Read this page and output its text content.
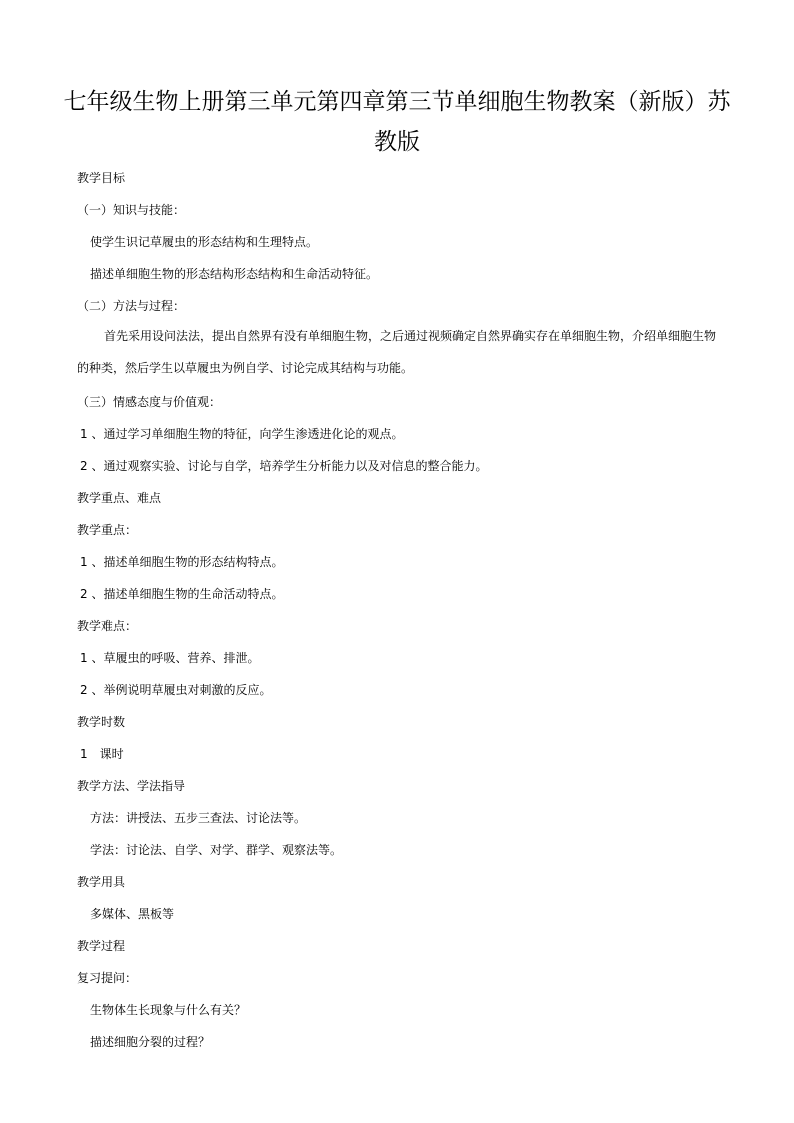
七年级生物上册第三单元第四章第三节单细胞生物教案（新版）苏教版
教学目标
（一）知识与技能：
使学生识记草履虫的形态结构和生理特点。
描述单细胞生物的形态结构形态结构和生命活动特征。
（二）方法与过程：
首先采用设问法法，提出自然界有没有单细胞生物，之后通过视频确定自然界确实存在单细胞生物，介绍单细胞生物的种类，然后学生以草履虫为例自学、讨论完成其结构与功能。
（三）情感态度与价值观：
1 、通过学习单细胞生物的特征，向学生渗透进化论的观点。
2 、通过观察实验、讨论与自学，培养学生分析能力以及对信息的整合能力。
教学重点、难点
教学重点：
1 、描述单细胞生物的形态结构特点。
2 、描述单细胞生物的生命活动特点。
教学难点：
1 、草履虫的呼吸、营养、排泄。
2 、举例说明草履虫对刺激的反应。
教学时数
1　课时
教学方法、学法指导
方法：讲授法、五步三查法、讨论法等。
学法：讨论法、自学、对学、群学、观察法等。
教学用具
多媒体、黑板等
教学过程
复习提问：
生物体生长现象与什么有关？
描述细胞分裂的过程？
